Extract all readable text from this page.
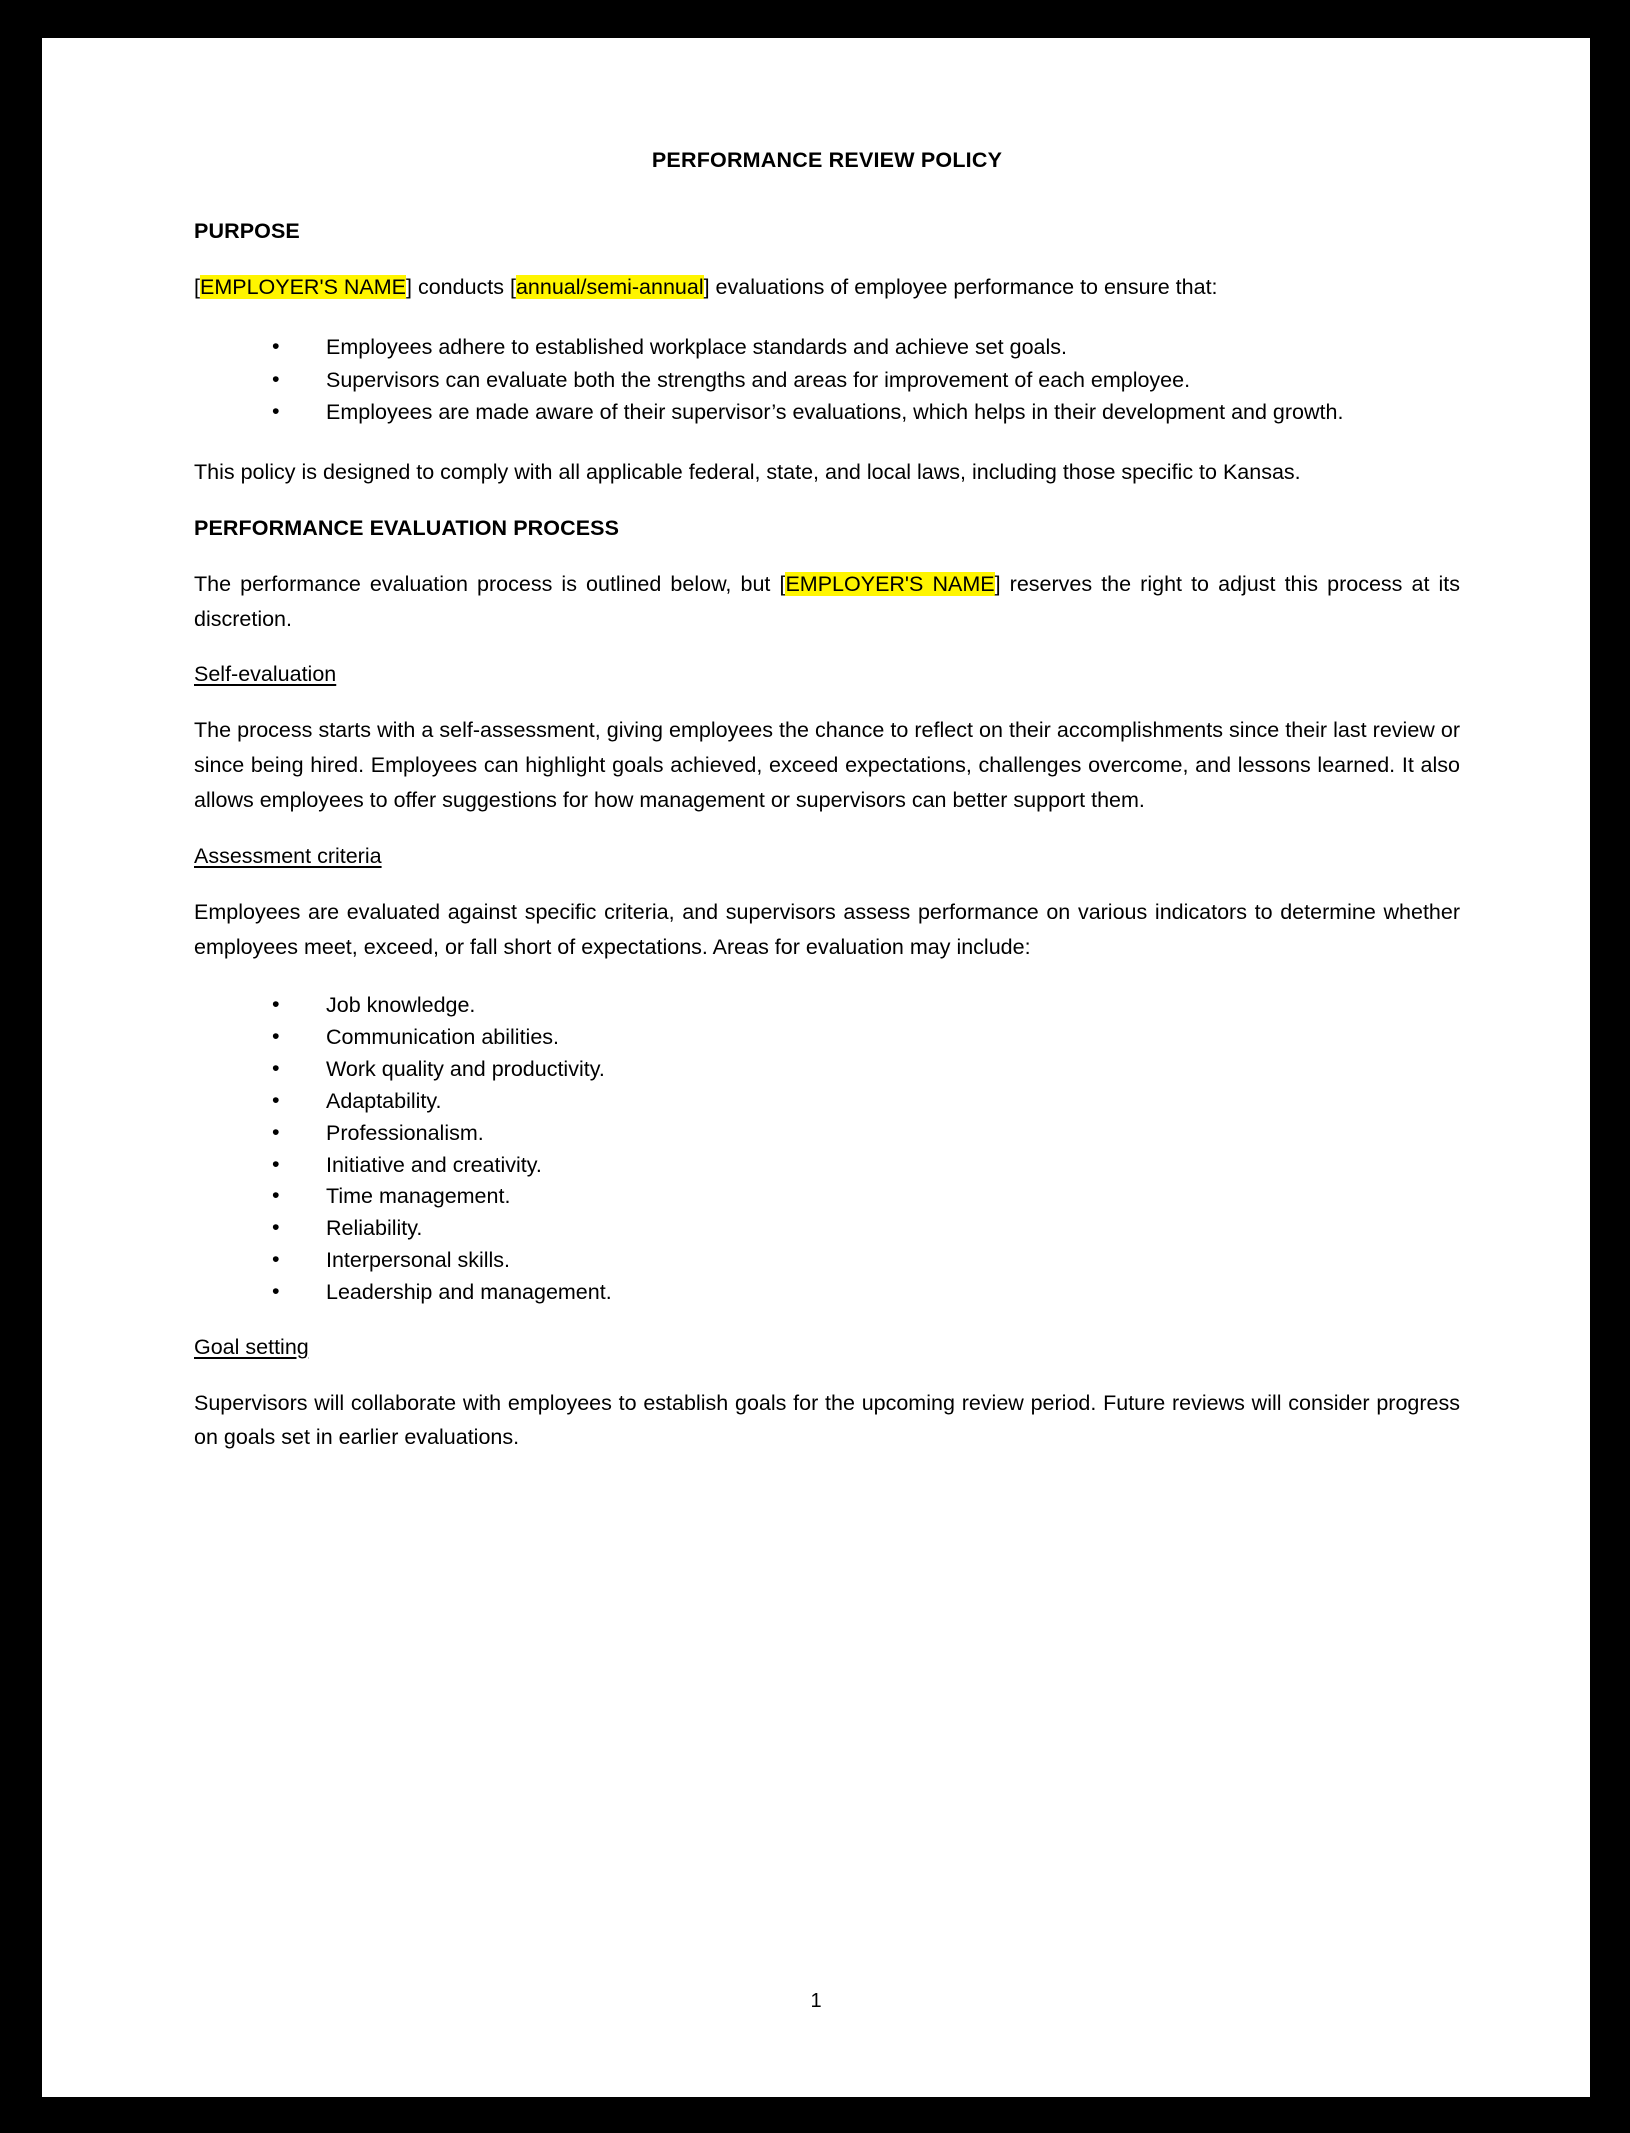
PERFORMANCE REVIEW POLICY
PURPOSE

[EMPLOYER'S NAME] conducts [annual/semi-annual] evaluations of employee performance to ensure that:

• Employees adhere to established workplace standards and achieve set goals.
• Supervisors can evaluate both the strengths and areas for improvement of each employee.
• Employees are made aware of their supervisor’s evaluations, which helps in their development and growth.

This policy is designed to comply with all applicable federal, state, and local laws, including those specific to Kansas.

PERFORMANCE EVALUATION PROCESS

The performance evaluation process is outlined below, but [EMPLOYER'S NAME] reserves the right to adjust this process at its discretion.

Self-evaluation

The process starts with a self-assessment, giving employees the chance to reflect on their accomplishments since their last review or since being hired. Employees can highlight goals achieved, exceed expectations, challenges overcome, and lessons learned. It also allows employees to offer suggestions for how management or supervisors can better support them.

Assessment criteria

Employees are evaluated against specific criteria, and supervisors assess performance on various indicators to determine whether employees meet, exceed, or fall short of expectations. Areas for evaluation may include:

• Job knowledge.
• Communication abilities.
• Work quality and productivity.
• Adaptability.
• Professionalism.
• Initiative and creativity.
• Time management.
• Reliability.
• Interpersonal skills.
• Leadership and management.
Goal setting

Supervisors will collaborate with employees to establish goals for the upcoming review period. Future reviews will consider progress on goals set in earlier evaluations.

1
